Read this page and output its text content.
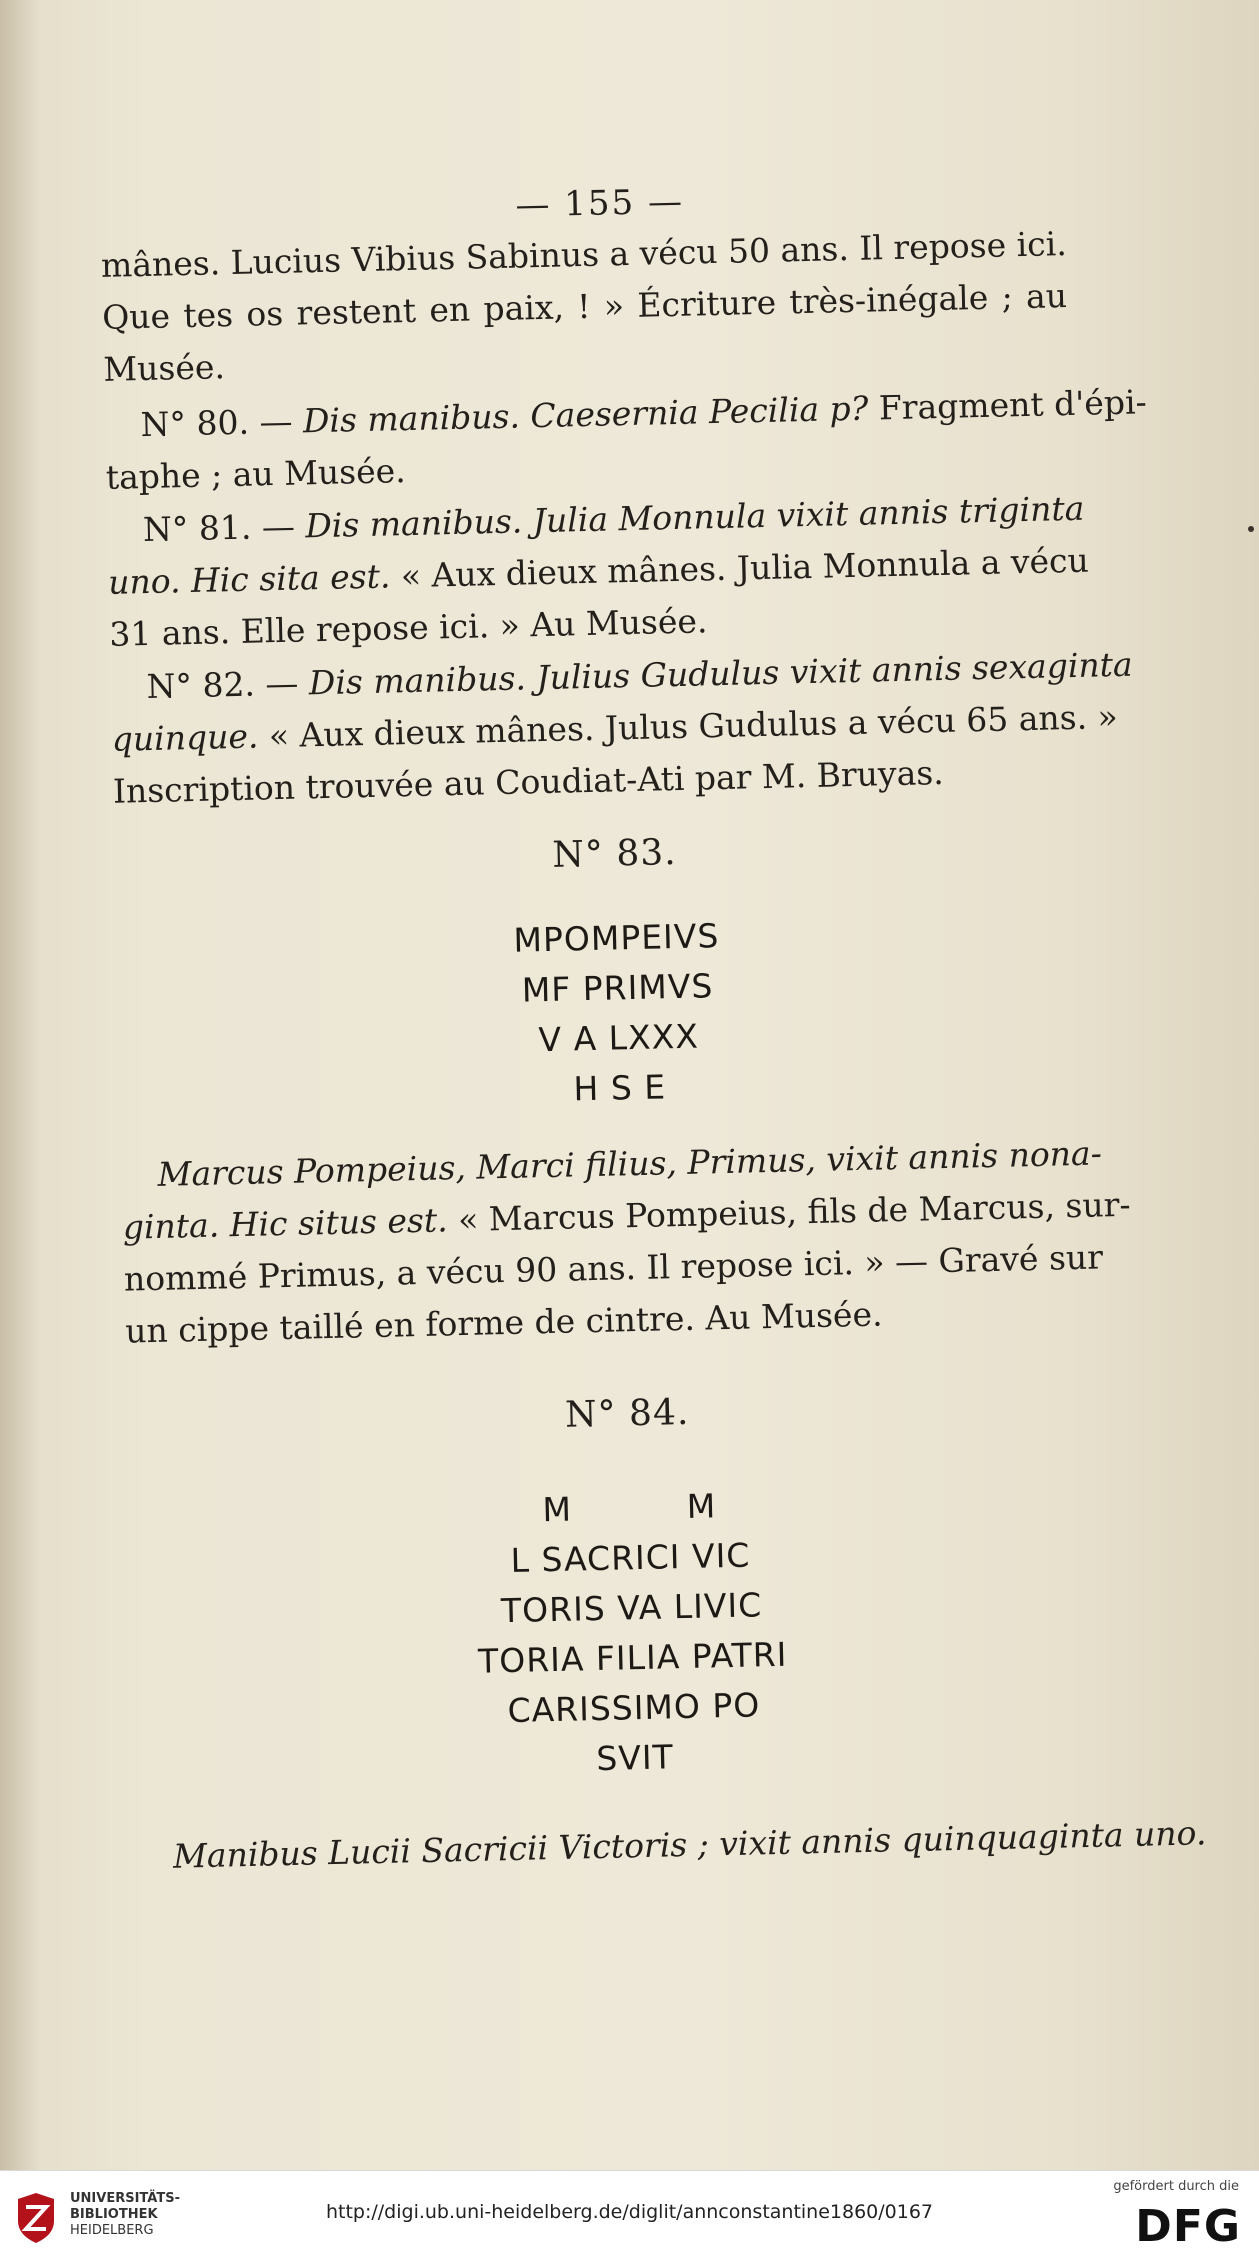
— 155 —
mânes. Lucius Vibius Sabinus a vécu 50 ans. Il repose ici.
Que tes os restent en paix, ! » Écriture très-inégale ; au
Musée.
N° 80. — Dis manibus. Caesernia Pecilia p? Fragment d'épi-
taphe ; au Musée.
N° 81. — Dis manibus. Julia Monnula vixit annis triginta
uno. Hic sita est. « Aux dieux mânes. Julia Monnula a vécu
31 ans. Elle repose ici. » Au Musée.
N° 82. — Dis manibus. Julius Gudulus vixit annis sexaginta
quinque. « Aux dieux mânes. Julus Gudulus a vécu 65 ans. »
Inscription trouvée au Coudiat-Ati par M. Bruyas.
N° 83.
MPOMPEIVS
MF PRIMVS
V A LXXX
H S E
Marcus Pompeius, Marci filius, Primus, vixit annis nona-
ginta. Hic situs est. « Marcus Pompeius, fils de Marcus, sur-
nommé Primus, a vécu 90 ans. Il repose ici. » — Gravé sur
un cippe taillé en forme de cintre. Au Musée.
N° 84.
M          M
L SACRICI VIC
TORIS VA LIVIC
TORIA FILIA PATRI
CARISSIMO PO
SVIT
Manibus Lucii Sacricii Victoris ; vixit annis quinquaginta uno.
UNIVERSITÄTS-
BIBLIOTHEK
HEIDELBERG
http://digi.ub.uni-heidelberg.de/diglit/annconstantine1860/0167
gefördert durch die
DFG
